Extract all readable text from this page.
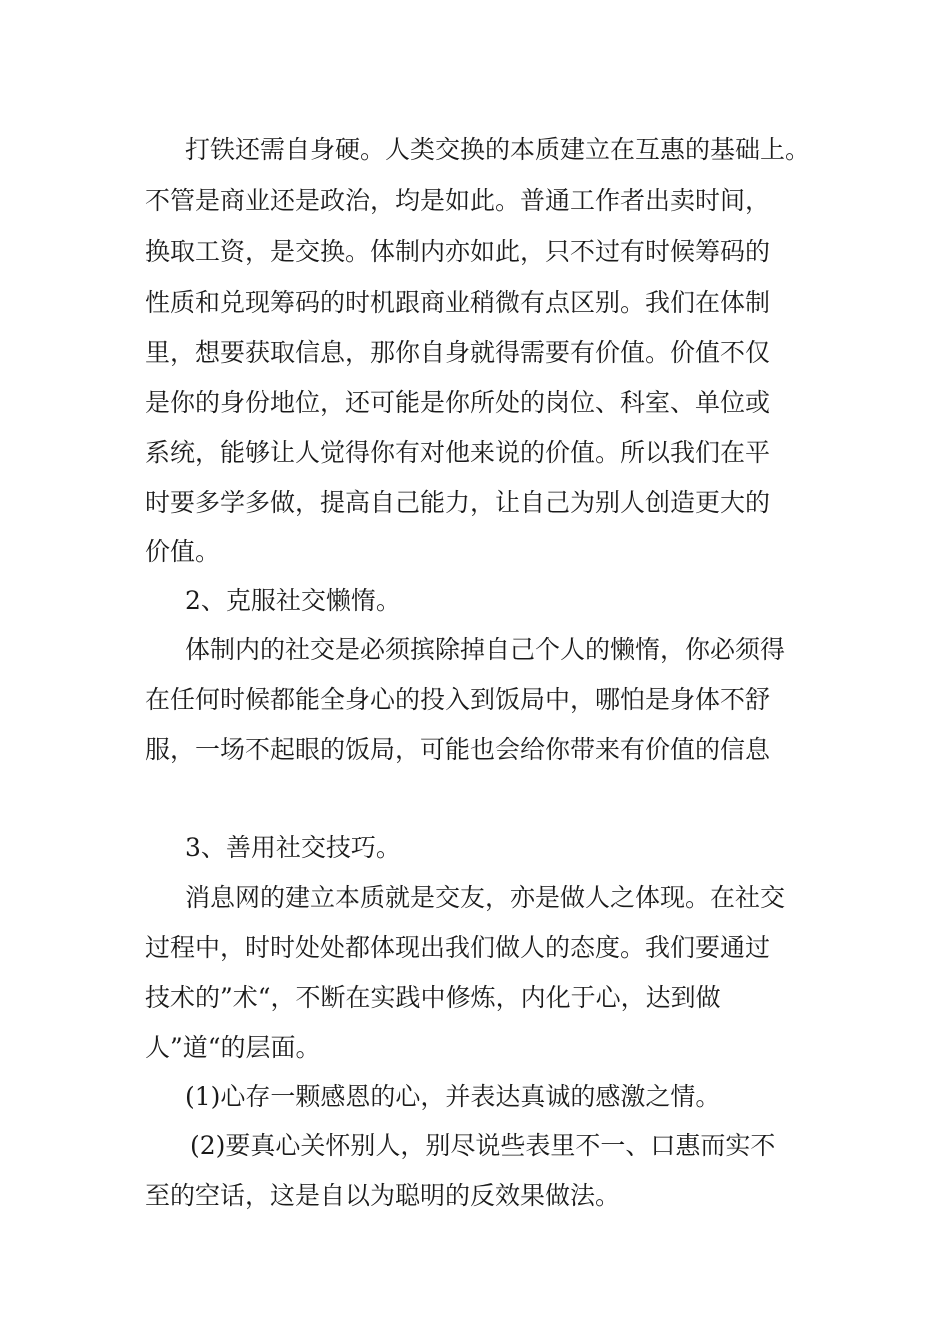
打铁还需自身硬。人类交换的本质建立在互惠的基础上。
不管是商业还是政治，均是如此。普通工作者出卖时间，
换取工资，是交换。体制内亦如此，只不过有时候筹码的
性质和兑现筹码的时机跟商业稍微有点区别。我们在体制
里，想要获取信息，那你自身就得需要有价值。价值不仅
是你的身份地位，还可能是你所处的岗位、科室、单位或
系统，能够让人觉得你有对他来说的价值。所以我们在平
时要多学多做，提高自己能力，让自己为别人创造更大的
价值。
2、克服社交懒惰。
体制内的社交是必须摈除掉自己个人的懒惰，你必须得
在任何时候都能全身心的投入到饭局中，哪怕是身体不舒
服，一场不起眼的饭局，可能也会给你带来有价值的信息
3、善用社交技巧。
消息网的建立本质就是交友，亦是做人之体现。在社交
过程中，时时处处都体现出我们做人的态度。我们要通过
技术的”术“，不断在实践中修炼，内化于心，达到做
人”道“的层面。
(1)心存一颗感恩的心，并表达真诚的感激之情。
(2)要真心关怀别人，别尽说些表里不一、口惠而实不
至的空话，这是自以为聪明的反效果做法。
